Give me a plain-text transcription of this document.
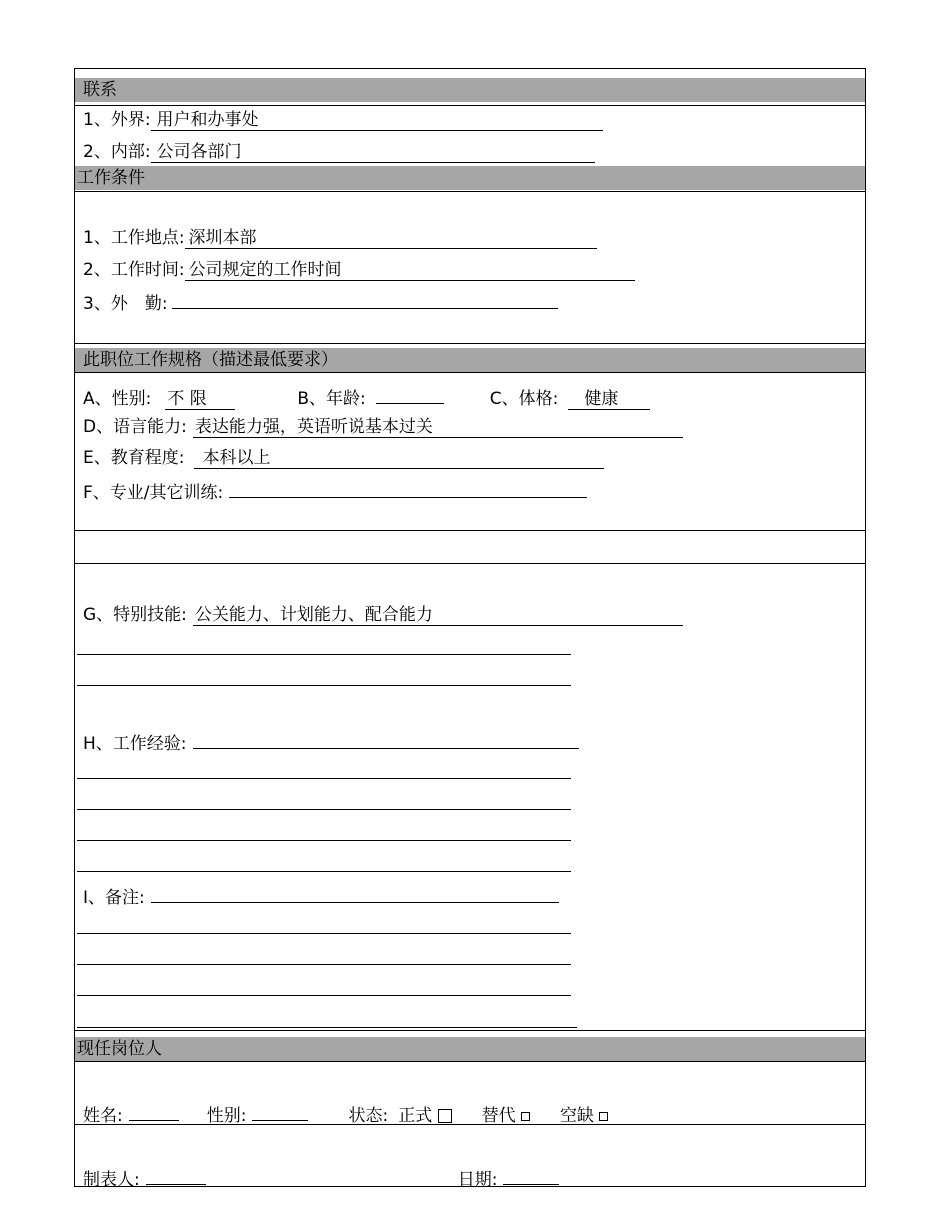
联系
1、外界: 用户和办事处
2、内部: 公司各部门
工作条件
1、工作地点: 深圳本部
2、工作时间: 公司规定的工作时间
3、外　勤:
此职位工作规格（描述最低要求）
A、性别: 不 限	B、年龄:	C、体格: 健康
D、语言能力: 表达能力强，英语听说基本过关
E、教育程度: 本科以上
F、专业/其它训练:
G、特别技能: 公关能力、计划能力、配合能力
H、工作经验:
I、备注:
现任岗位人
姓名:	性别:	状态: 正式	替代	空缺
制表人:	日期:
